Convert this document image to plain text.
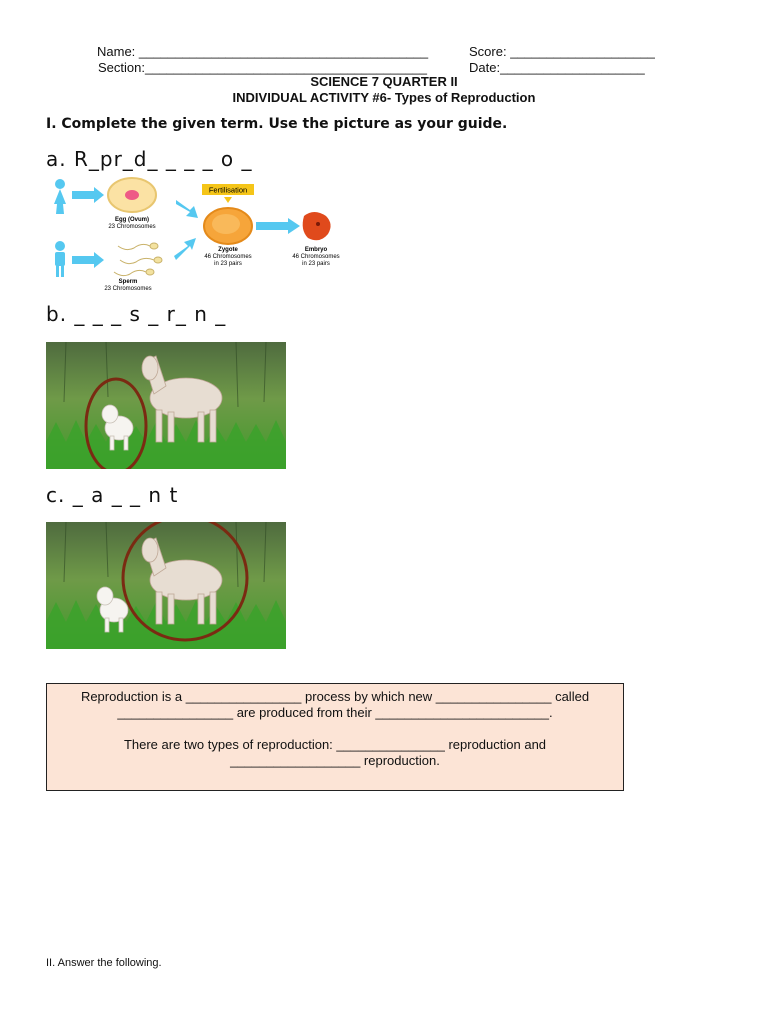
Name: ________________________________________	Score: ____________________
Section:_______________________________________	Date:____________________
SCIENCE 7 QUARTER II
INDIVIDUAL ACTIVITY #6- Types of Reproduction
I. Complete the given term. Use the picture as your guide.
a. R_pr_d_ _ _ _ o _
Egg (Ovum)
23 Chromosomes
Sperm
23 Chromosomes
Fertilisation
Zygote
46 Chromosomes
in 23 pairs
Embryo
46 Chromosomes
in 23 pairs
b. _ _ _ s _ r_ n _
c. _ a _ _ n t

Reproduction is a ________________ process by which new ________________ called

________________ are produced from their ________________________.

There are two types of reproduction: _______________ reproduction and

__________________ reproduction.

II. Answer the following.
